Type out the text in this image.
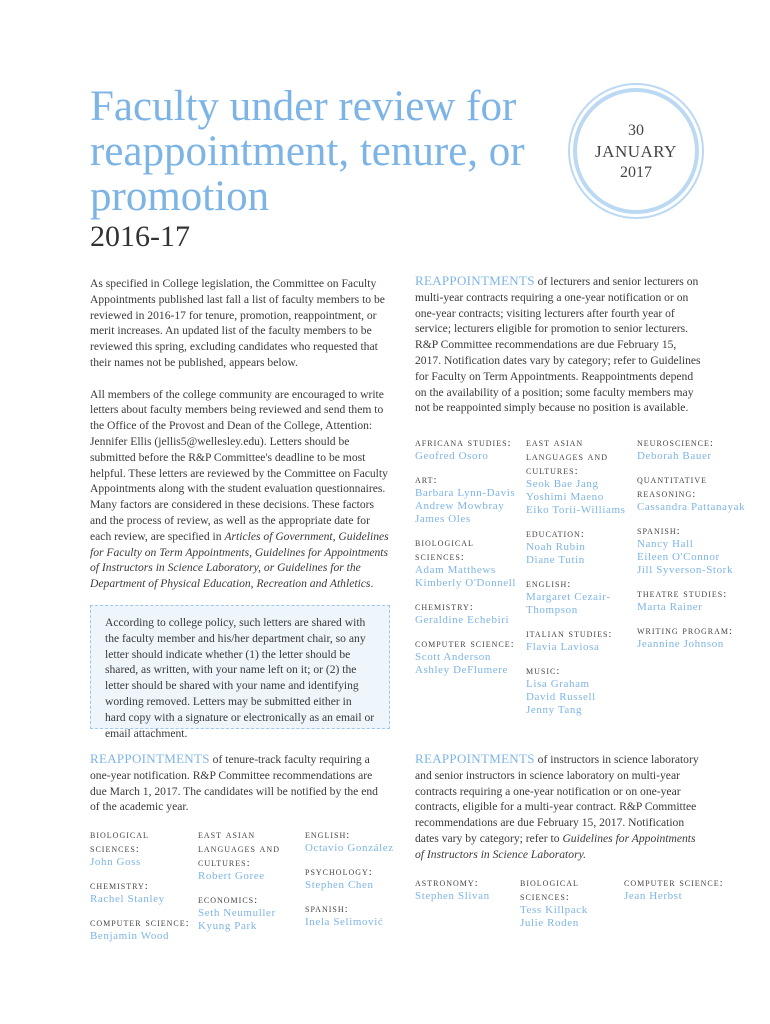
Faculty under review for reappointment, tenure, or promotion
2016-17
30
JANUARY
2017

As specified in College legislation, the Committee on Faculty Appointments published last fall a list of faculty members to be reviewed in 2016-17 for tenure, promotion, reappointment, or merit increases. An updated list of the faculty members to be reviewed this spring, excluding candidates who requested that their names not be published, appears below.

All members of the college community are encouraged to write letters about faculty members being reviewed and send them to the Office of the Provost and Dean of the College, Attention: Jennifer Ellis (jellis5@wellesley.edu). Letters should be submitted before the R&P Committee's deadline to be most helpful. These letters are reviewed by the Committee on Faculty Appointments along with the student evaluation questionnaires. Many factors are considered in these decisions. These factors and the process of review, as well as the appropriate date for each review, are specified in Articles of Government, Guidelines for Faculty on Term Appointments, Guidelines for Appointments of Instructors in Science Laboratory, or Guidelines for the Department of Physical Education, Recreation and Athletics.

According to college policy, such letters are shared with the faculty member and his/her department chair, so any letter should indicate whether (1) the letter should be shared, as written, with your name left on it; or (2) the letter should be shared with your name and identifying wording removed. Letters may be submitted either in hard copy with a signature or electronically as an email or email attachment.
REAPPOINTMENTS of lecturers and senior lecturers on multi-year contracts requiring a one-year notification or on one-year contracts; visiting lecturers after fourth year of service; lecturers eligible for promotion to senior lecturers. R&P Committee recommendations are due February 15, 2017. Notification dates vary by category; refer to Guidelines for Faculty on Term Appointments. Reappointments depend on the availability of a position; some faculty members may not be reappointed simply because no position is available.
africana studies:
Geofred Osoro
art:
Barbara Lynn-Davis
Andrew Mowbray
James Oles
biological sciences:
Adam Matthews
Kimberly O'Donnell
chemistry:
Geraldine Echebiri
computer science:
Scott Anderson
Ashley DeFlumere
east asian languages and cultures:
Seok Bae Jang
Yoshimi Maeno
Eiko Torii-Williams
education:
Noah Rubin
Diane Tutin
english:
Margaret Cezair-Thompson
italian studies:
Flavia Laviosa
music:
Lisa Graham
David Russell
Jenny Tang
neuroscience:
Deborah Bauer
quantitative reasoning:
Cassandra Pattanayak
spanish:
Nancy Hall
Eileen O'Connor
Jill Syverson-Stork
theatre studies:
Marta Rainer
writing program:
Jeannine Johnson
REAPPOINTMENTS of tenure-track faculty requiring a one-year notification. R&P Committee recommendations are due March 1, 2017. The candidates will be notified by the end of the academic year.
biological sciences:
John Goss
chemistry:
Rachel Stanley
computer science:
Benjamin Wood
east asian languages and cultures:
Robert Goree
economics:
Seth Neumuller
Kyung Park
english:
Octavio González
psychology:
Stephen Chen
spanish:
Inela Selimović
REAPPOINTMENTS of instructors in science laboratory and senior instructors in science laboratory on multi-year contracts requiring a one-year notification or on one-year contracts, eligible for a multi-year contract. R&P Committee recommendations are due February 15, 2017. Notification dates vary by category; refer to Guidelines for Appointments of Instructors in Science Laboratory.
astronomy:
Stephen Slivan
biological sciences:
Tess Killpack
Julie Roden
computer science:
Jean Herbst
